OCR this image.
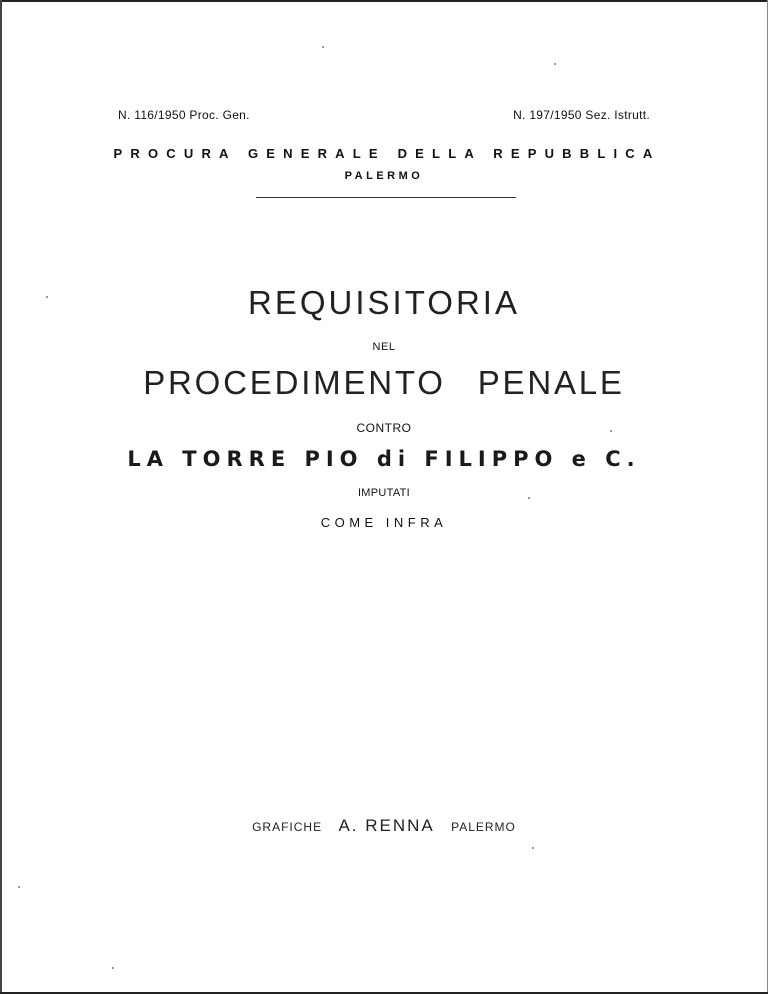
N. 116/1950 Proc. Gen.	N. 197/1950 Sez. Istrutt.
PROCURA GENERALE DELLA REPUBBLICA
PALERMO
REQUISITORIA
NEL
PROCEDIMENTO PENALE
CONTRO
LA TORRE PIO di FILIPPO e C.
IMPUTATI
COME INFRA
GRAFICHE A. RENNA PALERMO
